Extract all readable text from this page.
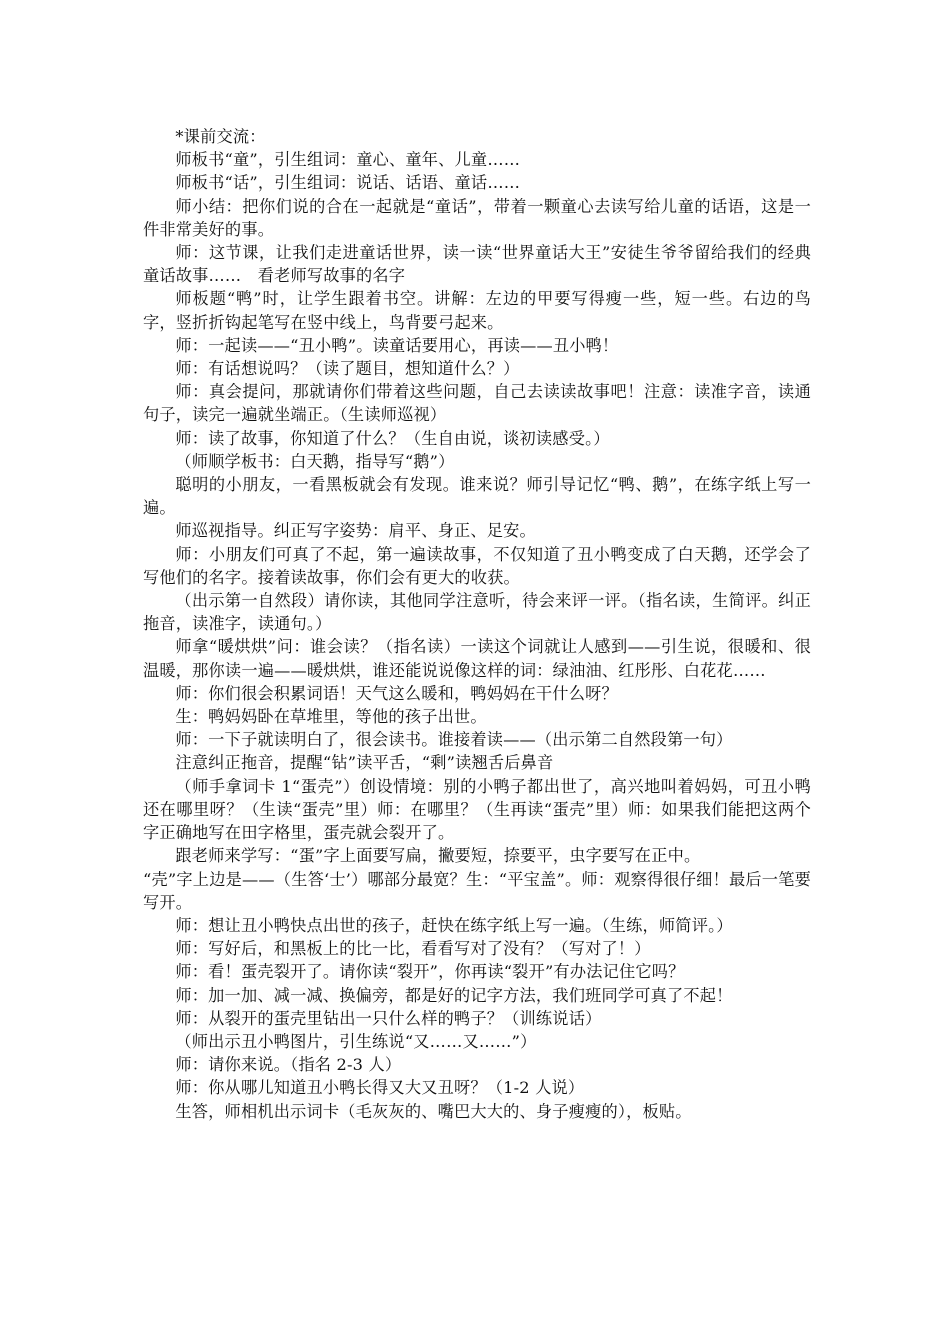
*课前交流：

师板书“童”，引生组词：童心、童年、儿童……

师板书“话”，引生组词：说话、话语、童话……

师小结：把你们说的合在一起就是“童话”，带着一颗童心去读写给儿童的话语，这是一件非常美好的事。

师：这节课，让我们走进童话世界，读一读“世界童话大王”安徒生爷爷留给我们的经典童话故事……　看老师写故事的名字

师板题“鸭”时，让学生跟着书空。讲解：左边的甲要写得瘦一些，短一些。右边的鸟字，竖折折钩起笔写在竖中线上，鸟背要弓起来。

师：一起读——“丑小鸭”。读童话要用心，再读——丑小鸭！

师：有话想说吗？（读了题目，想知道什么？）

师：真会提问，那就请你们带着这些问题，自己去读读故事吧！注意：读准字音，读通句子，读完一遍就坐端正。（生读师巡视）

师：读了故事，你知道了什么？（生自由说，谈初读感受。）

（师顺学板书：白天鹅，指导写“鹅”）

聪明的小朋友，一看黑板就会有发现。谁来说？师引导记忆“鸭、鹅”，在练字纸上写一遍。

师巡视指导。纠正写字姿势：肩平、身正、足安。

师：小朋友们可真了不起，第一遍读故事，不仅知道了丑小鸭变成了白天鹅，还学会了写他们的名字。接着读故事，你们会有更大的收获。

（出示第一自然段）请你读，其他同学注意听，待会来评一评。（指名读，生简评。纠正拖音，读准字，读通句。）

师拿“暖烘烘”问：谁会读？（指名读）一读这个词就让人感到——引生说，很暖和、很温暖，那你读一遍——暖烘烘，谁还能说说像这样的词：绿油油、红彤彤、白花花……

师：你们很会积累词语！天气这么暖和，鸭妈妈在干什么呀？

生：鸭妈妈卧在草堆里，等他的孩子出世。

师：一下子就读明白了，很会读书。谁接着读——（出示第二自然段第一句）

注意纠正拖音，提醒“钻”读平舌，“剩”读翘舌后鼻音

（师手拿词卡 1“蛋壳”）创设情境：别的小鸭子都出世了，高兴地叫着妈妈，可丑小鸭还在哪里呀？（生读“蛋壳”里）师：在哪里？（生再读“蛋壳”里）师：如果我们能把这两个字正确地写在田字格里，蛋壳就会裂开了。

跟老师来学写：“蛋”字上面要写扁，撇要短，捺要平，虫字要写在正中。

“壳”字上边是——（生答‘士’）哪部分最宽？生：“平宝盖”。师：观察得很仔细！最后一笔要写开。

师：想让丑小鸭快点出世的孩子，赶快在练字纸上写一遍。（生练，师简评。）

师：写好后，和黑板上的比一比，看看写对了没有？（写对了！）

师：看！蛋壳裂开了。请你读“裂开”，你再读“裂开”有办法记住它吗？

师：加一加、减一减、换偏旁，都是好的记字方法，我们班同学可真了不起！

师：从裂开的蛋壳里钻出一只什么样的鸭子？（训练说话）

（师出示丑小鸭图片，引生练说“又……又……”）

师：请你来说。（指名 2-3 人）

师：你从哪儿知道丑小鸭长得又大又丑呀？（1-2 人说）

生答，师相机出示词卡（毛灰灰的、嘴巴大大的、身子瘦瘦的），板贴。
